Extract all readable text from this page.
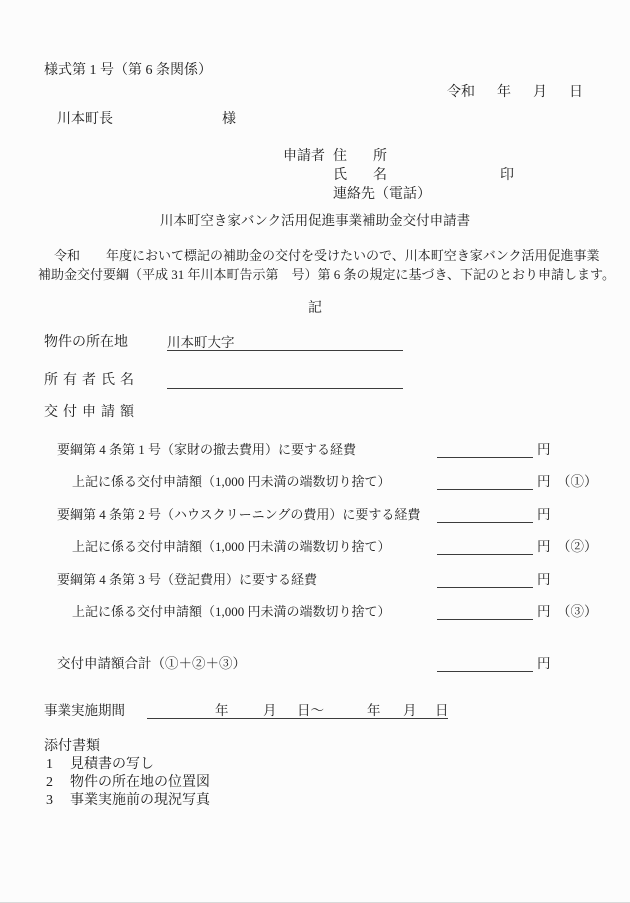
様式第 1 号（第 6 条関係）
令和 年 月 日
川本町長	様
申請者 住　所
氏　名	印
連絡先（電話）
川本町空き家バンク活用促進事業補助金交付申請書
　令和　　年度において標記の補助金の交付を受けたいので、川本町空き家バンク活用促進事業
補助金交付要綱（平成 31 年川本町告示第　号）第 6 条の規定に基づき、下記のとおり申請します。
記
物件の所在地	川本町大字
所有者氏名
交付申請額
要綱第 4 条第 1 号（家財の撤去費用）に要する経費	円
上記に係る交付申請額（1,000 円未満の端数切り捨て）	円 （①）
要綱第 4 条第 2 号（ハウスクリーニングの費用）に要する経費	円
上記に係る交付申請額（1,000 円未満の端数切り捨て）	円 （②）
要綱第 4 条第 3 号（登記費用）に要する経費	円
上記に係る交付申請額（1,000 円未満の端数切り捨て）	円 （③）
交付申請額合計（①＋②＋③）	円
事業実施期間	年	月 日～	年 月 日
添付書類
1 見積書の写し
2 物件の所在地の位置図
3 事業実施前の現況写真
